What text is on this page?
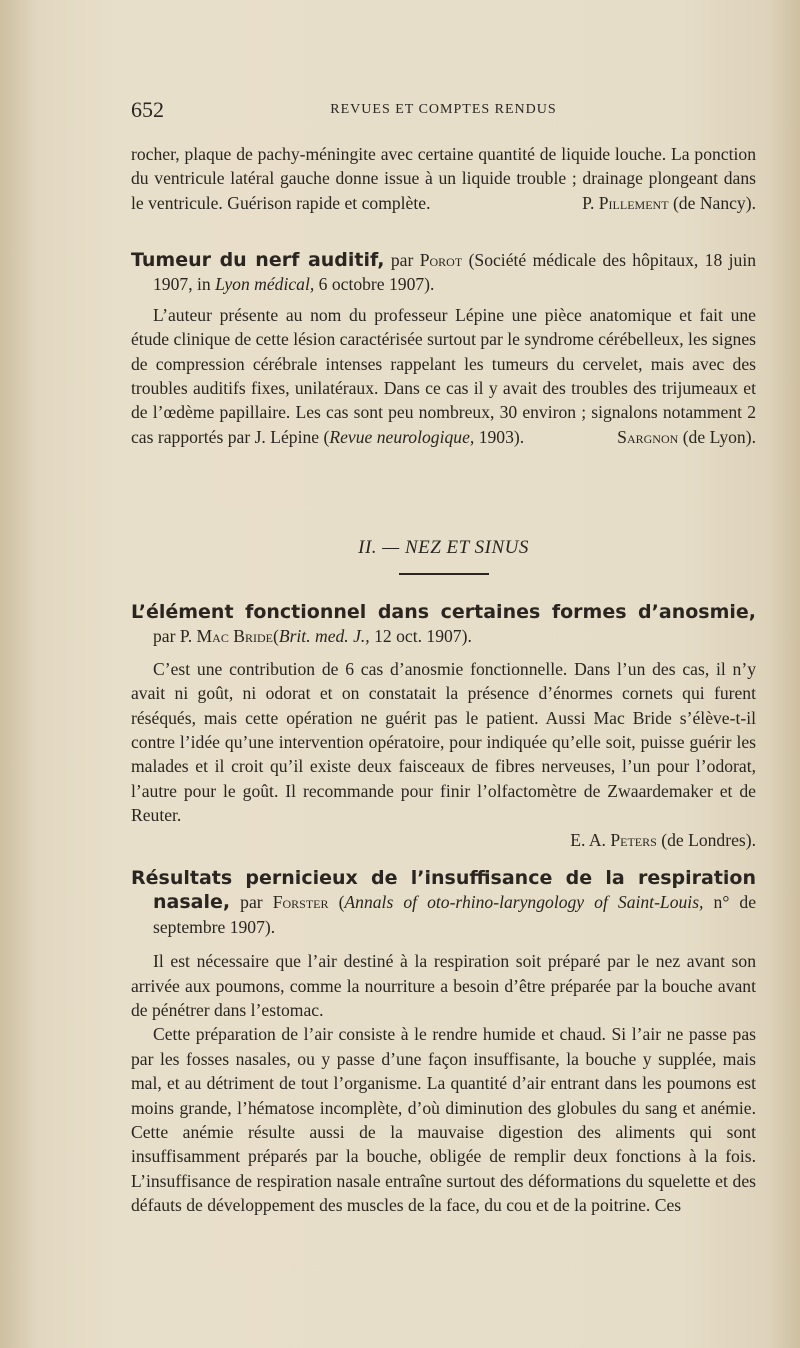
652	REVUES ET COMPTES RENDUS

rocher, plaque de pachy-méningite avec certaine quantité de liquide louche. La ponction du ventricule latéral gauche donne issue à un liquide trouble ; drainage plongeant dans le ventricule. Guérison rapide et complète.	P. Pillement (de Nancy).

Tumeur du nerf auditif, par Porot (Société médicale des hôpitaux, 18 juin 1907, in Lyon médical, 6 octobre 1907).

L’auteur présente au nom du professeur Lépine une pièce anatomique et fait une étude clinique de cette lésion caractérisée surtout par le syndrome cérébelleux, les signes de compression cérébrale intenses rappelant les tumeurs du cervelet, mais avec des troubles auditifs fixes, unilatéraux. Dans ce cas il y avait des troubles des trijumeaux et de l’œdème papillaire. Les cas sont peu nombreux, 30 environ ; signalons notamment 2 cas rapportés par J. Lépine (Revue neurologique, 1903).	Sargnon (de Lyon).

II. — NEZ ET SINUS

L’élément fonctionnel dans certaines formes d’anosmie, par P. Mac Bride(Brit. med. J., 12 oct. 1907).

C’est une contribution de 6 cas d’anosmie fonctionnelle. Dans l’un des cas, il n’y avait ni goût, ni odorat et on constatait la présence d’énormes cornets qui furent réséqués, mais cette opération ne guérit pas le patient. Aussi Mac Bride s’élève-t-il contre l’idée qu’une intervention opératoire, pour indiquée qu’elle soit, puisse guérir les malades et il croit qu’il existe deux faisceaux de fibres nerveuses, l’un pour l’odorat, l’autre pour le goût. Il recommande pour finir l’olfactomètre de Zwaardemaker et de Reuter.

E. A. Peters (de Londres).

Résultats pernicieux de l’insuffisance de la respiration nasale, par Forster (Annals of oto-rhino-laryngology of Saint-Louis, n° de septembre 1907).

Il est nécessaire que l’air destiné à la respiration soit préparé par le nez avant son arrivée aux poumons, comme la nourriture a besoin d’être préparée par la bouche avant de pénétrer dans l’estomac.

Cette préparation de l’air consiste à le rendre humide et chaud. Si l’air ne passe pas par les fosses nasales, ou y passe d’une façon insuffisante, la bouche y supplée, mais mal, et au détriment de tout l’organisme. La quantité d’air entrant dans les poumons est moins grande, l’hématose incomplète, d’où diminution des globules du sang et anémie. Cette anémie résulte aussi de la mauvaise digestion des aliments qui sont insuffisamment préparés par la bouche, obligée de remplir deux fonctions à la fois. L’insuffisance de respiration nasale entraîne surtout des déformations du squelette et des défauts de développement des muscles de la face, du cou et de la poitrine. Ces
